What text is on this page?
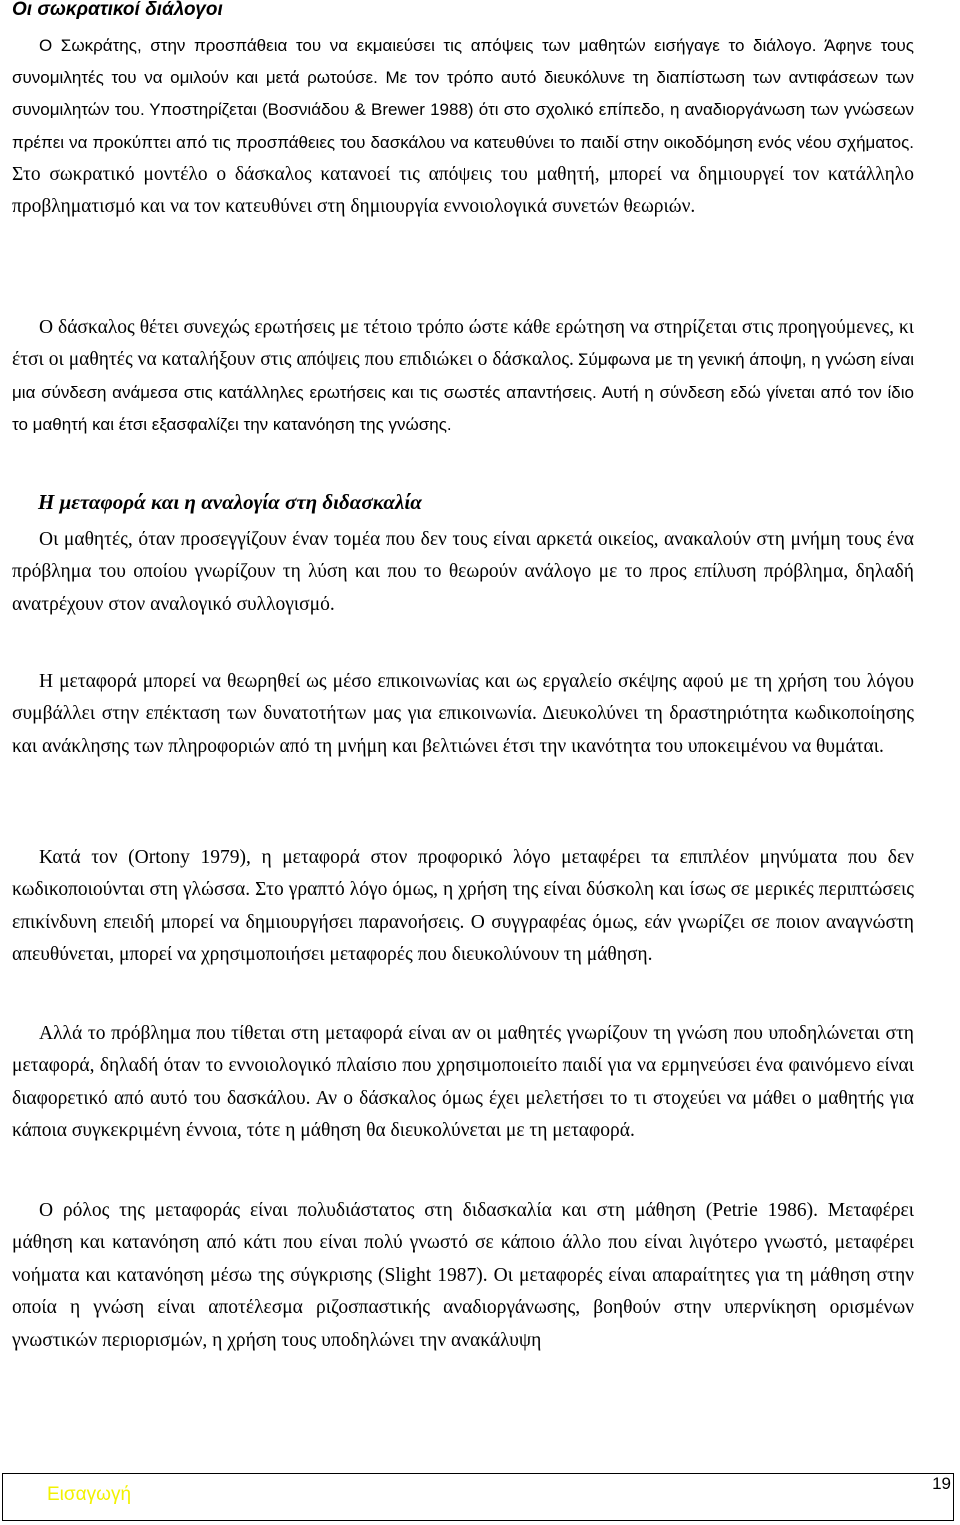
Οι σωκρατικοί διάλογοι

Ο Σωκράτης, στην προσπάθεια του να εκμαιεύσει τις απόψεις των μαθητών εισήγαγε το διάλογο. Άφηνε τους συνομιλητές του να ομιλούν και μετά ρωτούσε. Με τον τρόπο αυτό διευκόλυνε τη διαπίστωση των αντιφάσεων των συνομιλητών του. Υποστηρίζεται (Βοσνιάδου & Brewer 1988) ότι στο σχολικό επίπεδο, η αναδιοργάνωση των γνώσεων πρέπει να προκύπτει από τις προσπάθειες του δασκάλου να κατευθύνει το παιδί στην οικοδόμηση ενός νέου σχήματος. Στο σωκρατικό μοντέλο ο δάσκαλος κατανοεί τις απόψεις του μαθητή, μπορεί να δημιουργεί τον κατάλληλο προβληματισμό και να τον κατευθύνει στη δημιουργία εννοιολογικά συνετών θεωριών.

Ο δάσκαλος θέτει συνεχώς ερωτήσεις με τέτοιο τρόπο ώστε κάθε ερώτηση να στηρίζεται στις προηγούμενες, κι έτσι οι μαθητές να καταλήξουν στις απόψεις που επιδιώκει ο δάσκαλος. Σύμφωνα με τη γενική άποψη, η γνώση είναι μια σύνδεση ανάμεσα στις κατάλληλες ερωτήσεις και τις σωστές απαντήσεις. Αυτή η σύνδεση εδώ γίνεται από τον ίδιο το μαθητή και έτσι εξασφαλίζει την κατανόηση της γνώσης.

Η μεταφορά και η αναλογία στη διδασκαλία

Οι μαθητές, όταν προσεγγίζουν έναν τομέα που δεν τους είναι αρκετά οικείος, ανακαλούν στη μνήμη τους ένα πρόβλημα του οποίου γνωρίζουν τη λύση και που το θεωρούν ανάλογο με το προς επίλυση πρόβλημα, δηλαδή ανατρέχουν στον αναλογικό συλλογισμό.

Η μεταφορά μπορεί να θεωρηθεί ως μέσο επικοινωνίας και ως εργαλείο σκέψης αφού με τη χρήση του λόγου συμβάλλει στην επέκταση των δυνατοτήτων μας για επικοινωνία. Διευκολύνει τη δραστηριότητα κωδικοποίησης και ανάκλησης των πληροφοριών από τη μνήμη και βελτιώνει έτσι την ικανότητα του υποκειμένου να θυμάται.

Κατά τον (Ortony 1979), η μεταφορά στον προφορικό λόγο μεταφέρει τα επιπλέον μηνύματα που δεν κωδικοποιούνται στη γλώσσα. Στο γραπτό λόγο όμως, η χρήση της είναι δύσκολη και ίσως σε μερικές περιπτώσεις επικίνδυνη επειδή μπορεί να δημιουργήσει παρανοήσεις. Ο συγγραφέας όμως, εάν γνωρίζει σε ποιον αναγνώστη απευθύνεται, μπορεί να χρησιμοποιήσει μεταφορές που διευκολύνουν τη μάθηση.

Αλλά το πρόβλημα που τίθεται στη μεταφορά είναι αν οι μαθητές γνωρίζουν τη γνώση που υποδηλώνεται στη μεταφορά, δηλαδή όταν το εννοιολογικό πλαίσιο που χρησιμοποιείτο παιδί για να ερμηνεύσει ένα φαινόμενο είναι διαφορετικό από αυτό του δασκάλου. Αν ο δάσκαλος όμως έχει μελετήσει το τι στοχεύει να μάθει ο μαθητής για κάποια συγκεκριμένη έννοια, τότε η μάθηση θα διευκολύνεται με τη μεταφορά.

Ο ρόλος της μεταφοράς είναι πολυδιάστατος στη διδασκαλία και στη μάθηση (Petrie 1986). Μεταφέρει μάθηση και κατανόηση από κάτι που είναι πολύ γνωστό σε κάποιο άλλο που είναι λιγότερο γνωστό, μεταφέρει νοήματα και κατανόηση μέσω της σύγκρισης (Slight 1987). Οι μεταφορές είναι απαραίτητες για τη μάθηση στην οποία η γνώση είναι αποτέλεσμα ριζοσπαστικής αναδιοργάνωσης, βοηθούν στην υπερνίκηση ορισμένων γνωστικών περιορισμών, η χρήση τους υποδηλώνει την ανακάλυψη

Εισαγωγή
19
